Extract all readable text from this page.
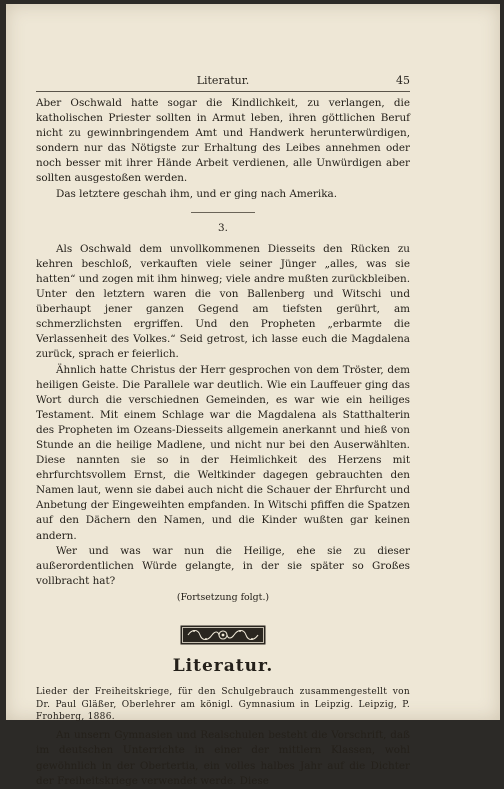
Literatur.	45

Aber Oschwald hatte sogar die Kindlichkeit, zu verlangen, die katholischen Priester sollten in Armut leben, ihren göttlichen Beruf nicht zu gewinnbringendem Amt und Handwerk herunterwürdigen, sondern nur das Nötigste zur Erhaltung des Leibes annehmen oder noch besser mit ihrer Hände Arbeit verdienen, alle Unwürdigen aber sollten ausgestoßen werden.

Das letztere geschah ihm, und er ging nach Amerika.

3.

Als Oschwald dem unvollkommenen Diesseits den Rücken zu kehren beschloß, verkauften viele seiner Jünger „alles, was sie hatten“ und zogen mit ihm hinweg; viele andre mußten zurückbleiben. Unter den letztern waren die von Ballenberg und Witschi und überhaupt jener ganzen Gegend am tiefsten gerührt, am schmerzlichsten ergriffen. Und den Propheten „erbarmte die Verlassenheit des Volkes.“ Seid getrost, ich lasse euch die Magdalena zurück, sprach er feierlich.

Ähnlich hatte Christus der Herr gesprochen von dem Tröster, dem heiligen Geiste. Die Parallele war deutlich. Wie ein Lauffeuer ging das Wort durch die verschiednen Gemeinden, es war wie ein heiliges Testament. Mit einem Schlage war die Magdalena als Statthalterin des Propheten im Ozeans-Diesseits allgemein anerkannt und hieß von Stunde an die heilige Madlene, und nicht nur bei den Auserwählten. Diese nannten sie so in der Heimlichkeit des Herzens mit ehrfurchtsvollem Ernst, die Weltkinder dagegen gebrauchten den Namen laut, wenn sie dabei auch nicht die Schauer der Ehrfurcht und Anbetung der Eingeweihten empfanden. In Witschi pfiffen die Spatzen auf den Dächern den Namen, und die Kinder wußten gar keinen andern.

Wer und was war nun die Heilige, ehe sie zu dieser außerordentlichen Würde gelangte, in der sie später so Großes vollbracht hat?

(Fortsetzung folgt.)
Literatur.

Lieder der Freiheitskriege, für den Schulgebrauch zusammengestellt von Dr. Paul Gläßer, Oberlehrer am königl. Gymnasium in Leipzig. Leipzig, P. Frohberg, 1886.

An unsern Gymnasien und Realschulen besteht die Vorschrift, daß im deutschen Unterrichte in einer der mittlern Klassen, wohl gewöhnlich in der Obertertia, ein volles halbes Jahr auf die Dichter der Freiheitskriege verwendet werde. Diese
